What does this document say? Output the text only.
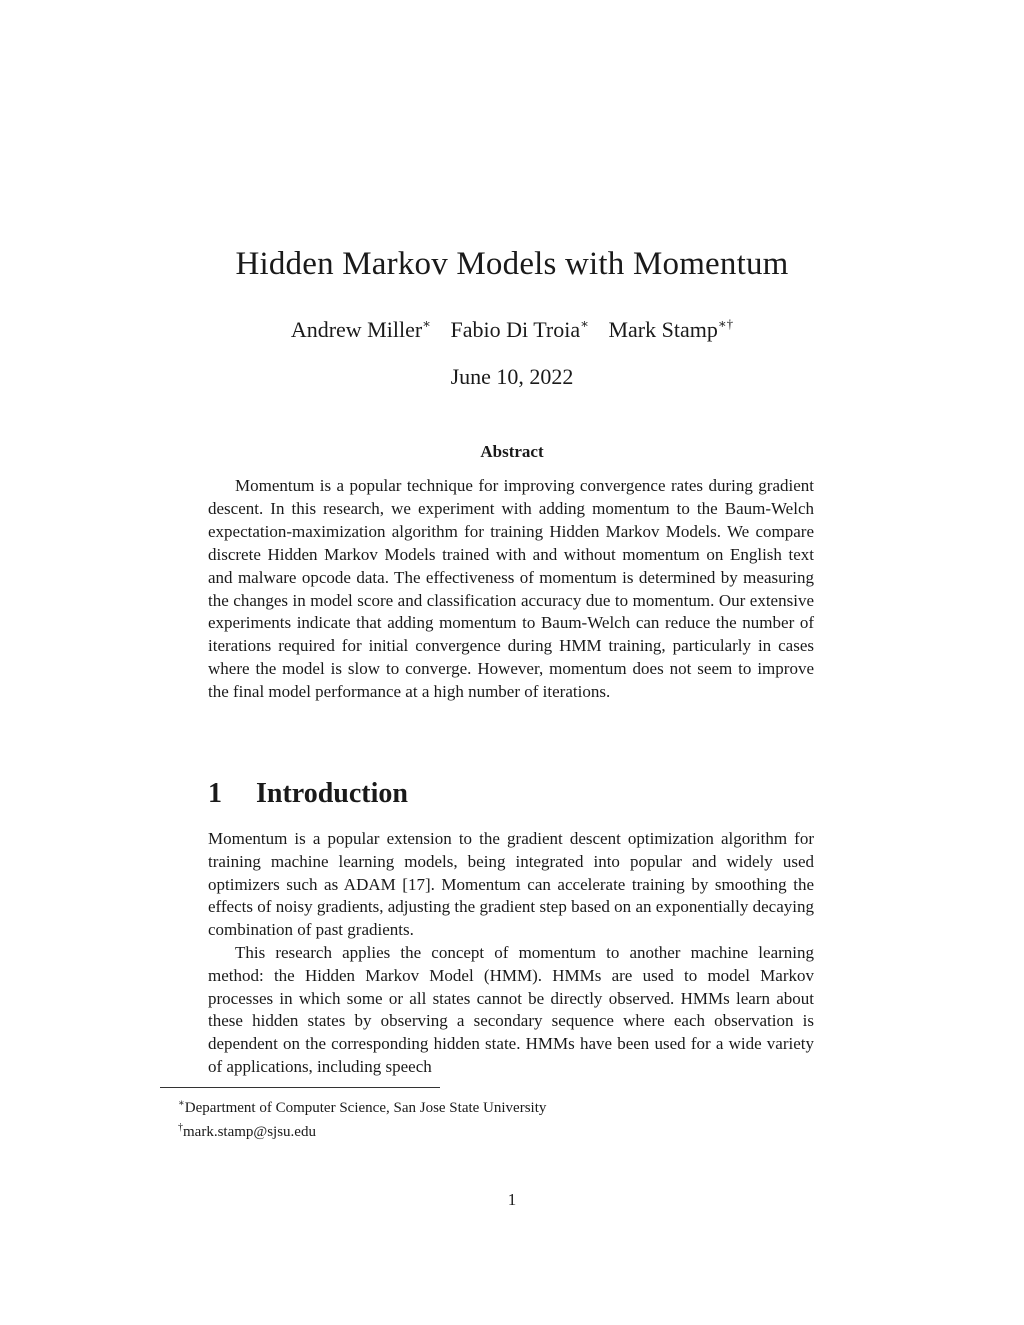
Hidden Markov Models with Momentum
Andrew Miller∗ Fabio Di Troia∗ Mark Stamp∗†
June 10, 2022
Abstract
Momentum is a popular technique for improving convergence rates during gradient descent. In this research, we experiment with adding momentum to the Baum-Welch expectation-maximization algorithm for training Hidden Markov Models. We compare discrete Hidden Markov Models trained with and without momentum on English text and malware opcode data. The effectiveness of momentum is determined by measuring the changes in model score and classification accuracy due to momentum. Our extensive experiments indicate that adding momentum to Baum-Welch can reduce the number of iterations required for initial convergence during HMM training, particularly in cases where the model is slow to converge. However, momentum does not seem to improve the final model performance at a high number of iterations.
1 Introduction

Momentum is a popular extension to the gradient descent optimization algorithm for training machine learning models, being integrated into popular and widely used optimizers such as ADAM [17]. Momentum can accelerate training by smoothing the effects of noisy gradients, adjusting the gradient step based on an exponentially decaying combination of past gradients.

This research applies the concept of momentum to another machine learning method: the Hidden Markov Model (HMM). HMMs are used to model Markov processes in which some or all states cannot be directly observed. HMMs learn about these hidden states by observing a secondary sequence where each observation is dependent on the corresponding hidden state. HMMs have been used for a wide variety of applications, including speech

∗Department of Computer Science, San Jose State University
†mark.stamp@sjsu.edu
1
